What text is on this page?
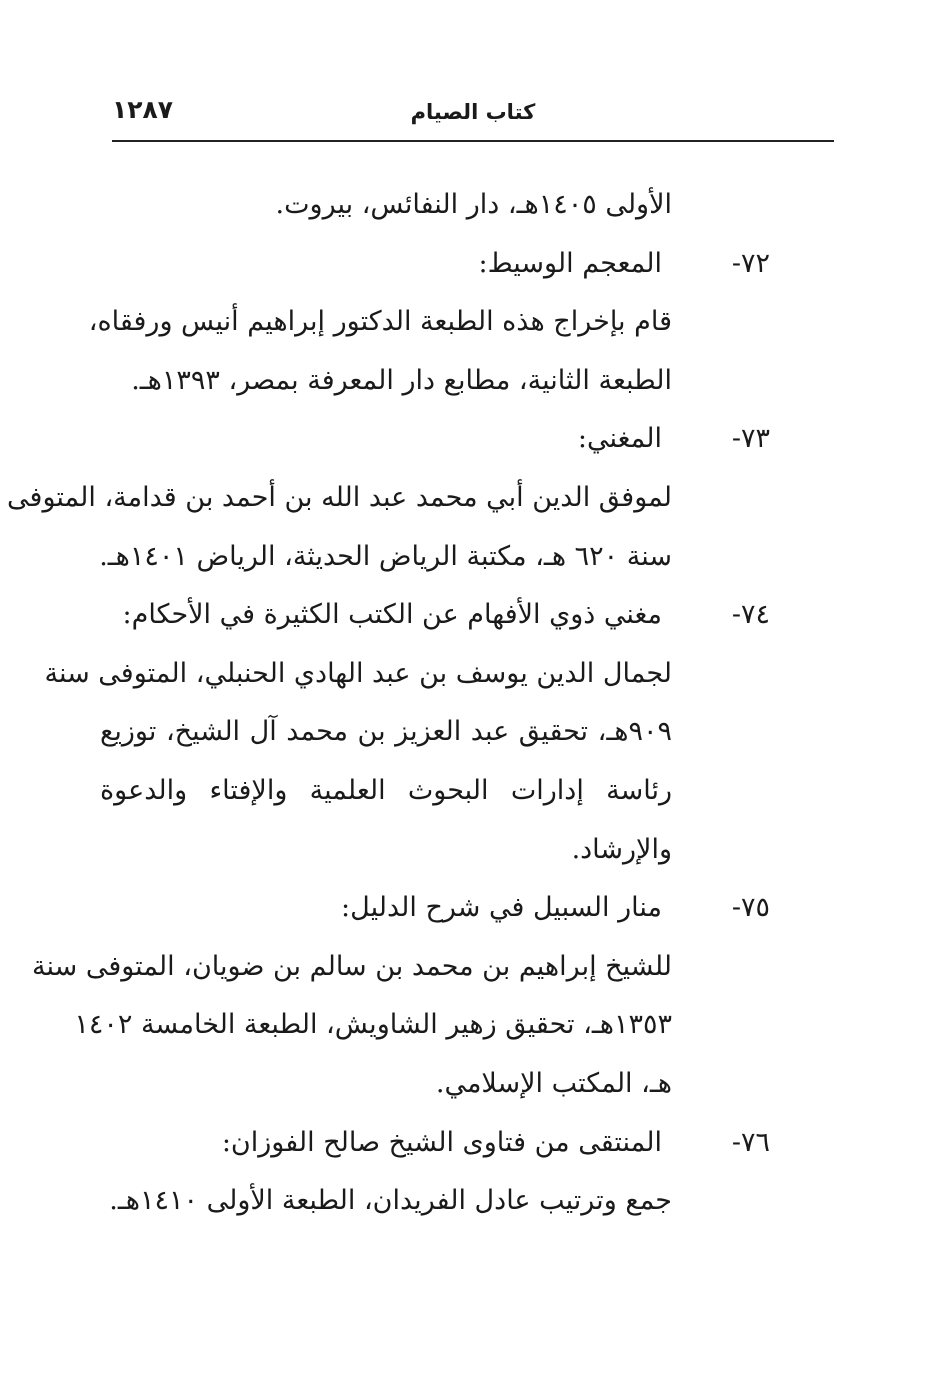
١٢٨٧	كتاب الصيام
الأولى ١٤٠٥هـ، دار النفائس، بيروت.
٧٢-
المعجم الوسيط:
قام بإخراج هذه الطبعة الدكتور إبراهيم أنيس ورفقاه،
الطبعة الثانية، مطابع دار المعرفة بمصر، ١٣٩٣هـ.
٧٣-
المغني:
لموفق الدين أبي محمد عبد الله بن أحمد بن قدامة، المتوفى
سنة ٦٢٠ هـ، مكتبة الرياض الحديثة، الرياض ١٤٠١هـ.
٧٤-
مغني ذوي الأفهام عن الكتب الكثيرة في الأحكام:
لجمال الدين يوسف بن عبد الهادي الحنبلي، المتوفى سنة
٩٠٩هـ، تحقيق عبد العزيز بن محمد آل الشيخ، توزيع
رئاسة إدارات البحوث العلمية والإفتاء والدعوة
والإرشاد.
٧٥-
منار السبيل في شرح الدليل:
للشيخ إبراهيم بن محمد بن سالم بن ضويان، المتوفى سنة
١٣٥٣هـ، تحقيق زهير الشاويش، الطبعة الخامسة ١٤٠٢
هـ، المكتب الإسلامي.
٧٦-
المنتقى من فتاوى الشيخ صالح الفوزان:
جمع وترتيب عادل الفريدان، الطبعة الأولى ١٤١٠هـ.
